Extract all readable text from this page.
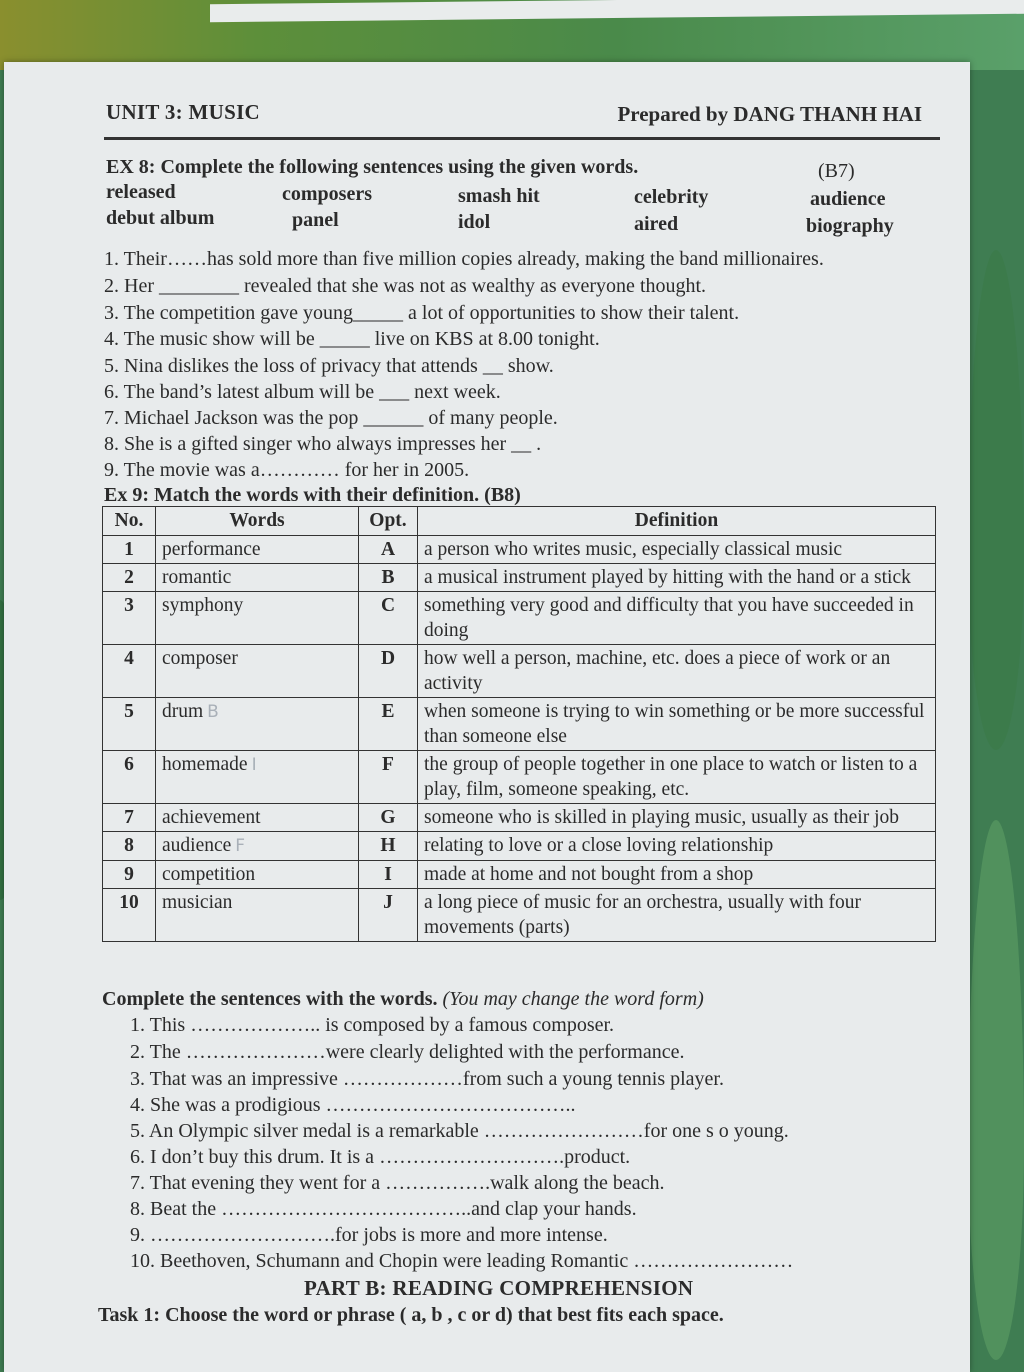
UNIT 3: MUSIC	Prepared by DANG THANH HAI
EX 8: Complete the following sentences using the given words.	(B7)
released	composers	smash hit	celebrity	audience
debut album	panel	idol	aired	biography
1. Their……has sold more than five million copies already, making the band millionaires.
2. Her ________ revealed that she was not as wealthy as everyone thought.
3. The competition gave young_____ a lot of opportunities to show their talent.
4. The music show will be _____ live on KBS at 8.00 tonight.
5. Nina dislikes the loss of privacy that attends __ show.
6. The band’s latest album will be ___ next week.
7. Michael Jackson was the pop ______ of many people.
8. She is a gifted singer who always impresses her __ .
9. The movie was a………… for her in 2005.
Ex 9: Match the words with their definition. (B8)
No.	Words	Opt.	Definition
1	performance	A	a person who writes music, especially classical music
2	romantic	B	a musical instrument played by hitting with the hand or a stick
3	symphony	C	something very good and difficulty that you have succeeded in doing
4	composer	D	how well a person, machine, etc. does a piece of work or an activity
5	drum B	E	when someone is trying to win something or be more successful than someone else
6	homemade I	F	the group of people together in one place to watch or listen to a play, film, someone speaking, etc.
7	achievement	G	someone who is skilled in playing music, usually as their job
8	audience F	H	relating to love or a close loving relationship
9	competition	I	made at home and not bought from a shop
10	musician	J	a long piece of music for an orchestra, usually with four movements (parts)
Complete the sentences with the words. (You may change the word form)
1. This ……………….. is composed by a famous composer.
2. The …………………were clearly delighted with the performance.
3. That was an impressive ………………from such a young tennis player.
4. She was a prodigious ………………………………..
5. An Olympic silver medal is a remarkable ……………………for one s o young.
6. I don’t buy this drum. It is a ……………………….product.
7. That evening they went for a …………….walk along the beach.
8. Beat the ………………………………..and clap your hands.
9. ……………………….for jobs is more and more intense.
10. Beethoven, Schumann and Chopin were leading Romantic ……………………
PART B: READING COMPREHENSION
Task 1: Choose the word or phrase ( a, b , c or d) that best fits each space.
